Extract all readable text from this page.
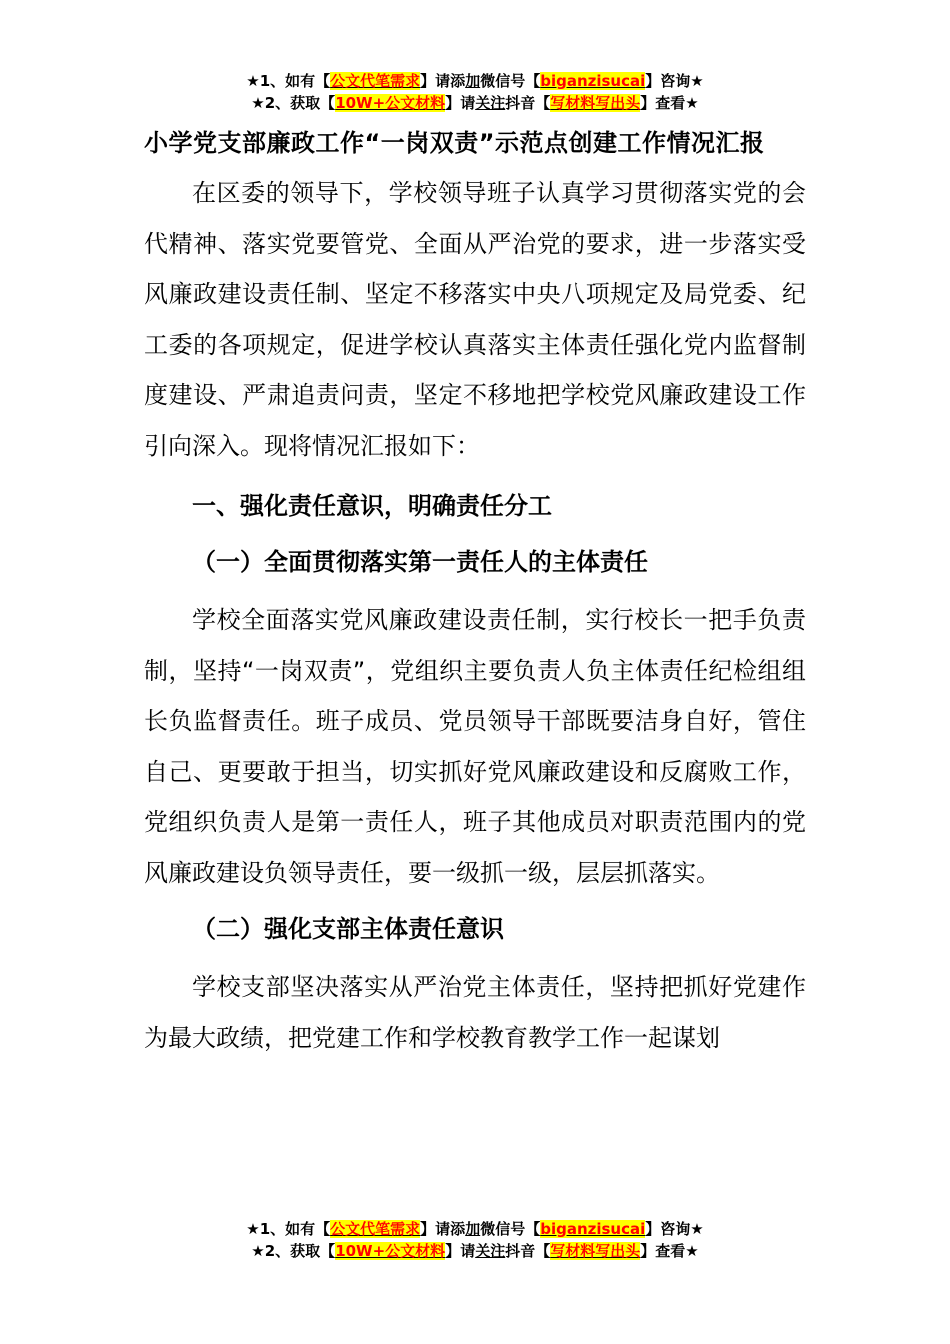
★1、如有【公文代笔需求】请添加微信号【biganzisucai】咨询★
★2、获取【10W+公文材料】请关注抖音【写材料写出头】查看★
小学党支部廉政工作“一岗双责”示范点创建工作情况汇报

在区委的领导下，学校领导班子认真学习贯彻落实党的会代精神、落实党要管党、全面从严治党的要求，进一步落实受风廉政建设责任制、坚定不移落实中央八项规定及局党委、纪工委的各项规定，促进学校认真落实主体责任强化党内监督制度建设、严肃追责问责，坚定不移地把学校党风廉政建设工作引向深入。现将情况汇报如下：

一、强化责任意识，明确责任分工

（一）全面贯彻落实第一责任人的主体责任

学校全面落实党风廉政建设责任制，实行校长一把手负责制，坚持“一岗双责”，党组织主要负责人负主体责任纪检组组长负监督责任。班子成员、党员领导干部既要洁身自好，管住自己、更要敢于担当，切实抓好党风廉政建设和反腐败工作，党组织负责人是第一责任人，班子其他成员对职责范围内的党风廉政建设负领导责任，要一级抓一级，层层抓落实。

（二）强化支部主体责任意识

学校支部坚决落实从严治党主体责任，坚持把抓好党建作为最大政绩，把党建工作和学校教育教学工作一起谋划

★1、如有【公文代笔需求】请添加微信号【biganzisucai】咨询★
★2、获取【10W+公文材料】请关注抖音【写材料写出头】查看★
